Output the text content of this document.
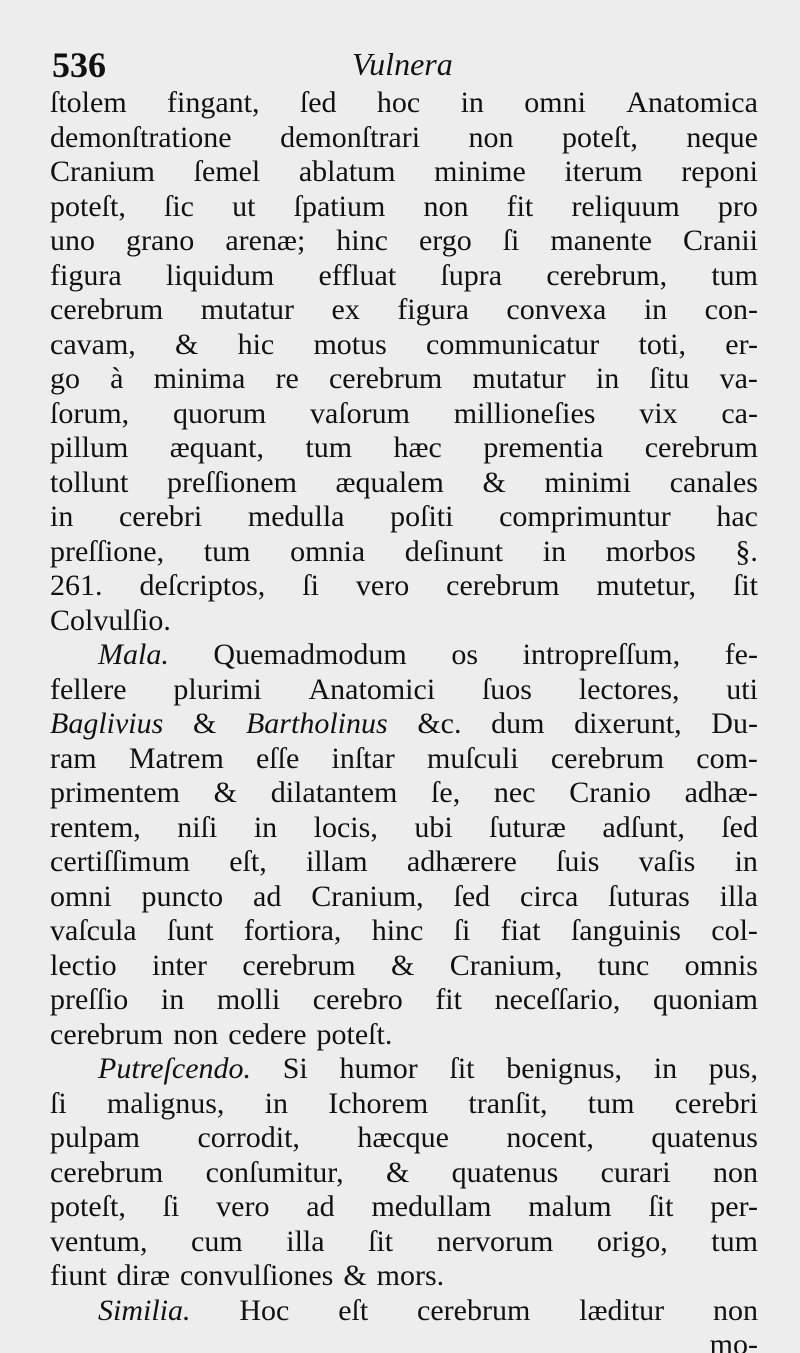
536	Vulnera
ſtolem fingant, ſed hoc in omni Anatomica
demonſtratione demonſtrari non poteſt, neque
Cranium ſemel ablatum minime iterum reponi
poteſt, ſic ut ſpatium non fit reliquum pro
uno grano arenæ; hinc ergo ſi manente Cranii
figura liquidum effluat ſupra cerebrum, tum
cerebrum mutatur ex figura convexa in con-
cavam, & hic motus communicatur toti, er-
go à minima re cerebrum mutatur in ſitu va-
ſorum, quorum vaſorum millioneſies vix ca-
pillum æquant, tum hæc prementia cerebrum
tollunt preſſionem æqualem & minimi canales
in cerebri medulla poſiti comprimuntur hac
preſſione, tum omnia deſinunt in morbos §.
261. deſcriptos, ſi vero cerebrum mutetur, ſit
Colvulſio.
Mala. Quemadmodum os intropreſſum, fe-
fellere plurimi Anatomici ſuos lectores, uti
Baglivius & Bartholinus &c. dum dixerunt, Du-
ram Matrem eſſe inſtar muſculi cerebrum com-
primentem & dilatantem ſe, nec Cranio adhæ-
rentem, niſi in locis, ubi ſuturæ adſunt, ſed
certiſſimum eſt, illam adhærere ſuis vaſis in
omni puncto ad Cranium, ſed circa ſuturas illa
vaſcula ſunt fortiora, hinc ſi fiat ſanguinis col-
lectio inter cerebrum & Cranium, tunc omnis
preſſio in molli cerebro fit neceſſario, quoniam
cerebrum non cedere poteſt.
Putreſcendo. Si humor ſit benignus, in pus,
ſi malignus, in Ichorem tranſit, tum cerebri
pulpam corrodit, hæcque nocent, quatenus
cerebrum conſumitur, & quatenus curari non
poteſt, ſi vero ad medullam malum ſit per-
ventum, cum illa ſit nervorum origo, tum
fiunt diræ convulſiones & mors.
Similia. Hoc eſt cerebrum læditur non
mo-
